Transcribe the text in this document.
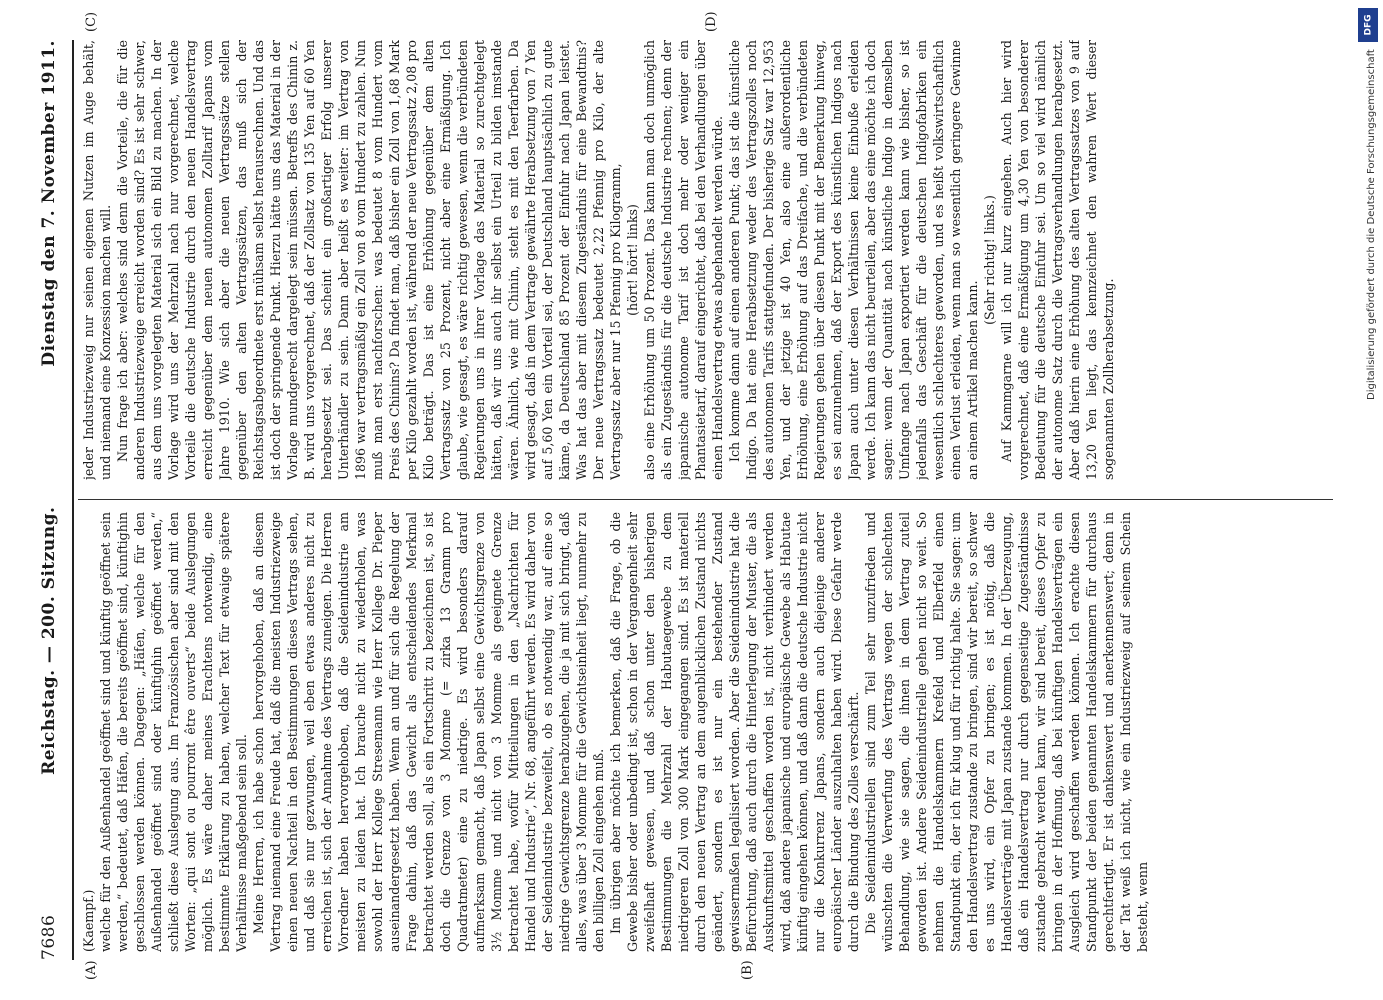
7686
Reichstag. — 200. Sitzung.
Dienstag den 7. November 1911.
(A)	(B)
(C)	(D)

(Kaempf.) welche für den Außenhandel geöffnet sind und künftig geöffnet sein werden,“ bedeutet, daß Häfen, die bereits geöffnet sind, künftighin geschlossen werden können. Dagegen: „Häfen, welche für den Außenhandel geöffnet sind oder künftighin geöffnet werden,“ schließt diese Auslegung aus. Im Französischen aber sind mit den Worten: „qui sont ou pourront être ouverts“ beide Auslegungen möglich. Es wäre daher meines Erachtens notwendig, eine bestimmte Erklärung zu haben, welcher Text für etwaige spätere Verhältnisse maßgebend sein soll. Meine Herren, ich habe schon hervorgehoben, daß an diesem Vertrag niemand eine Freude hat, daß die meisten Industriezweige einen neuen Nachteil in den Bestimmungen dieses Vertrags sehen, und daß sie nur gezwungen, weil eben etwas anderes nicht zu erreichen ist, sich der Annahme des Vertrags zuneigen. Die Herren Vorredner haben hervorgehoben, daß die Seidenindustrie am meisten zu leiden hat. Ich brauche nicht zu wiederholen, was sowohl der Herr Kollege Stresemann wie Herr Kollege Dr. Pieper auseinandergesetzt haben. Wenn an und für sich die Regelung der Frage dahin, daß das Gewicht als entscheidendes Merkmal betrachtet werden soll, als ein Fortschritt zu bezeichnen ist, so ist doch die Grenze von 3 Momme (= zirka 13 Gramm pro Quadratmeter) eine zu niedrige. Es wird besonders darauf aufmerksam gemacht, daß Japan selbst eine Gewichtsgrenze von 3½ Momme und nicht von 3 Momme als geeignete Grenze betrachtet habe, wofür Mitteilungen in den „Nachrichten für Handel und Industrie“, Nr. 68, angeführt werden. Es wird daher von der Seidenindustrie bezweifelt, ob es notwendig war, auf eine so niedrige Gewichtsgrenze herabzugehen, die ja mit sich bringt, daß alles, was über 3 Momme für die Gewichtseinheit liegt, nunmehr zu den billigen Zoll eingehen muß. Im übrigen aber möchte ich bemerken, daß die Frage, ob die Gewebe bisher oder unbedingt ist, schon in der Vergangenheit sehr zweifelhaft gewesen, und daß schon unter den bisherigen Bestimmungen die Mehrzahl der Habutaegewebe zu dem niedrigeren Zoll von 300 Mark eingegangen sind. Es ist materiell durch den neuen Vertrag an dem augenblicklichen Zustand nichts geändert, sondern es ist nur ein bestehender Zustand gewissermaßen legalisiert worden. Aber die Seidenindustrie hat die Befürchtung, daß auch durch die Hinterlegung der Muster, die als Auskunftsmittel geschaffen worden ist, nicht verhindert werden wird, daß andere japanische und europäische Gewebe als Habutae künftig eingehen können, und daß dann die deutsche Industrie nicht nur die Konkurrenz Japans, sondern auch diejenige anderer europäischer Länder auszuhalten haben wird. Diese Gefahr werde durch die Bindung des Zolles verschärft. Die Seidenindustriellen sind zum Teil sehr unzufrieden und wünschten die Verwerfung des Vertrags wegen der schlechten Behandlung, wie sie sagen, die ihnen in dem Vertrag zuteil geworden ist. Andere Seidenindustrielle gehen nicht so weit. So nehmen die Handelskammern Krefeld und Elberfeld einen Standpunkt ein, der ich für klug und für richtig halte. Sie sagen: um den Handelsvertrag zustande zu bringen, sind wir bereit, so schwer es uns wird, ein Opfer zu bringen; es ist nötig, daß die Handelsverträge mit Japan zustande kommen. In der Überzeugung, daß ein Handelsvertrag nur durch gegenseitige Zugeständnisse zustande gebracht werden kann, wir sind bereit, dieses Opfer zu bringen in der Hoffnung, daß bei künftigen Handelsverträgen ein Ausgleich wird geschaffen werden können. Ich erachte diesen Standpunkt der beiden genannten Handelskammern für durchaus gerechtfertigt. Er ist dankenswert und anerkennenswert; denn in der Tat weiß ich nicht, wie ein Industriezweig auf seinem Schein besteht, wenn

jeder Industriezweig nur seinen eigenen Nutzen im Auge behält, und niemand eine Konzession machen will. Nun frage ich aber: welches sind denn die Vorteile, die für die anderen Industriezweige erreicht worden sind? Es ist sehr schwer, aus dem uns vorgelegten Material sich ein Bild zu machen. In der Vorlage wird uns der Mehrzahl nach nur vorgerechnet, welche Vorteile die deutsche Industrie durch den neuen Handelsvertrag erreicht gegenüber dem neuen autonomen Zolltarif Japans vom Jahre 1910. Wie sich aber die neuen Vertragssätze stellen gegenüber den alten Vertragssätzen, das muß sich der Reichstagsabgeordnete erst mühsam selbst herausrechnen. Und das ist doch der springende Punkt. Hierzu hätte uns das Material in der Vorlage mundgerecht dargelegt sein müssen. Betreffs des Chinin z. B. wird uns vorgerechnet, daß der Zollsatz von 135 Yen auf 60 Yen herabgesetzt sei. Das scheint ein großartiger Erfolg unserer Unterhändler zu sein. Dann aber heißt es weiter: im Vertrag von 1896 war vertragsmäßig ein Zoll von 8 vom Hundert zu zahlen. Nun muß man erst nachforschen: was bedeutet 8 vom Hundert vom Preis des Chinins? Da findet man, daß bisher ein Zoll von 1,68 Mark per Kilo gezahlt worden ist, während der neue Vertragssatz 2,08 pro Kilo beträgt. Das ist eine Erhöhung gegenüber dem alten Vertragssatz von 25 Prozent, nicht aber eine Ermäßigung. Ich glaube, wie gesagt, es wäre richtig gewesen, wenn die verbündeten Regierungen uns in ihrer Vorlage das Material so zurechtgelegt hätten, daß wir uns auch ihr selbst ein Urteil zu bilden imstande wären. Ähnlich, wie mit Chinin, steht es mit den Teerfarben. Da wird gesagt, daß in dem Vertrage gewährte Herabsetzung von 7 Yen auf 5,60 Yen ein Vorteil sei, der Deutschland hauptsächlich zu gute käme, da Deutschland 85 Prozent der Einfuhr nach Japan leistet. Was hat das aber mit diesem Zugeständnis für eine Bewandtnis? Der neue Vertragssatz bedeutet 2,22 Pfennig pro Kilo, der alte Vertragssatz aber nur 15 Pfennig pro Kilogramm, (hört! hört! links) also eine Erhöhung um 50 Prozent. Das kann man doch unmöglich als ein Zugeständnis für die deutsche Industrie rechnen; denn der japanische autonome Tarif ist doch mehr oder weniger ein Phantasietarif, darauf eingerichtet, daß bei den Verhandlungen über einen Handelsvertrag etwas abgehandelt werden würde. Ich komme dann auf einen anderen Punkt; das ist die künstliche Indigo. Da hat eine Herabsetzung weder des Vertragszolles noch des autonomen Tarifs stattgefunden. Der bisherige Satz war 12,953 Yen, und der jetzige ist 40 Yen, also eine außerordentliche Erhöhung, eine Erhöhung auf das Dreifache, und die verbündeten Regierungen gehen über diesen Punkt mit der Bemerkung hinweg, es sei anzunehmen, daß der Export des künstlichen Indigos nach Japan auch unter diesen Verhältnissen keine Einbuße erleiden werde. Ich kann das nicht beurteilen, aber das eine möchte ich doch sagen: wenn der Quantität nach künstliche Indigo in demselben Umfange nach Japan exportiert werden kann wie bisher, so ist jedenfalls das Geschäft für die deutschen Indigofabriken ein wesentlich schlechteres geworden, und es heißt volkswirtschaftlich einen Verlust erleiden, wenn man so wesentlich geringere Gewinne an einem Artikel machen kann.

(Sehr richtig! links.) Auf Kammgarne will ich nur kurz eingehen. Auch hier wird vorgerechnet, daß eine Ermäßigung um 4,30 Yen von besonderer Bedeutung für die deutsche Einfuhr sei. Um so viel wird nämlich der autonome Satz durch die Vertragsverhandlungen herabgesetzt. Aber daß hierin eine Erhöhung des alten Vertragssatzes von 9 auf 13,20 Yen liegt, das kennzeichnet den wahren Wert dieser sogenannten Zollherabsetzung.

DFG
Digitalisierung gefördert durch die Deutsche Forschungsgemeinschaft
